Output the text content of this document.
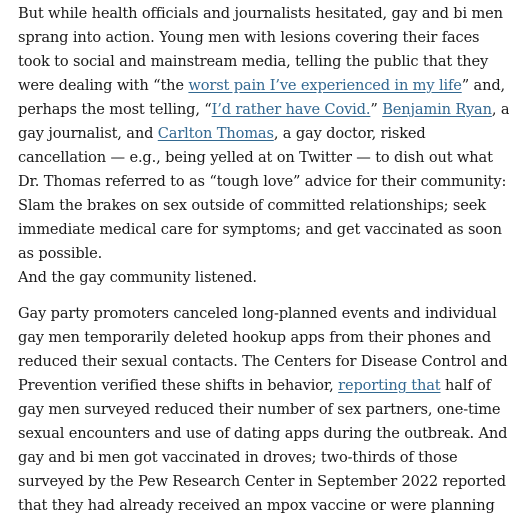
But while health officials and journalists hesitated, gay and bi men
sprang into action. Young men with lesions covering their faces
took to social and mainstream media, telling the public that they
were dealing with “the worst pain I’ve experienced in my life” and,
perhaps the most telling, “I’d rather have Covid.” Benjamin Ryan, a
gay journalist, and Carlton Thomas, a gay doctor, risked
cancellation — e.g., being yelled at on Twitter — to dish out what
Dr. Thomas referred to as “tough love” advice for their community:
Slam the brakes on sex outside of committed relationships; seek
immediate medical care for symptoms; and get vaccinated as soon
as possible.

And the gay community listened.

Gay party promoters canceled long-planned events and individual
gay men temporarily deleted hookup apps from their phones and
reduced their sexual contacts. The Centers for Disease Control and
Prevention verified these shifts in behavior, reporting that half of
gay men surveyed reduced their number of sex partners, one-time
sexual encounters and use of dating apps during the outbreak. And
gay and bi men got vaccinated in droves; two-thirds of those
surveyed by the Pew Research Center in September 2022 reported
that they had already received an mpox vaccine or were planning
